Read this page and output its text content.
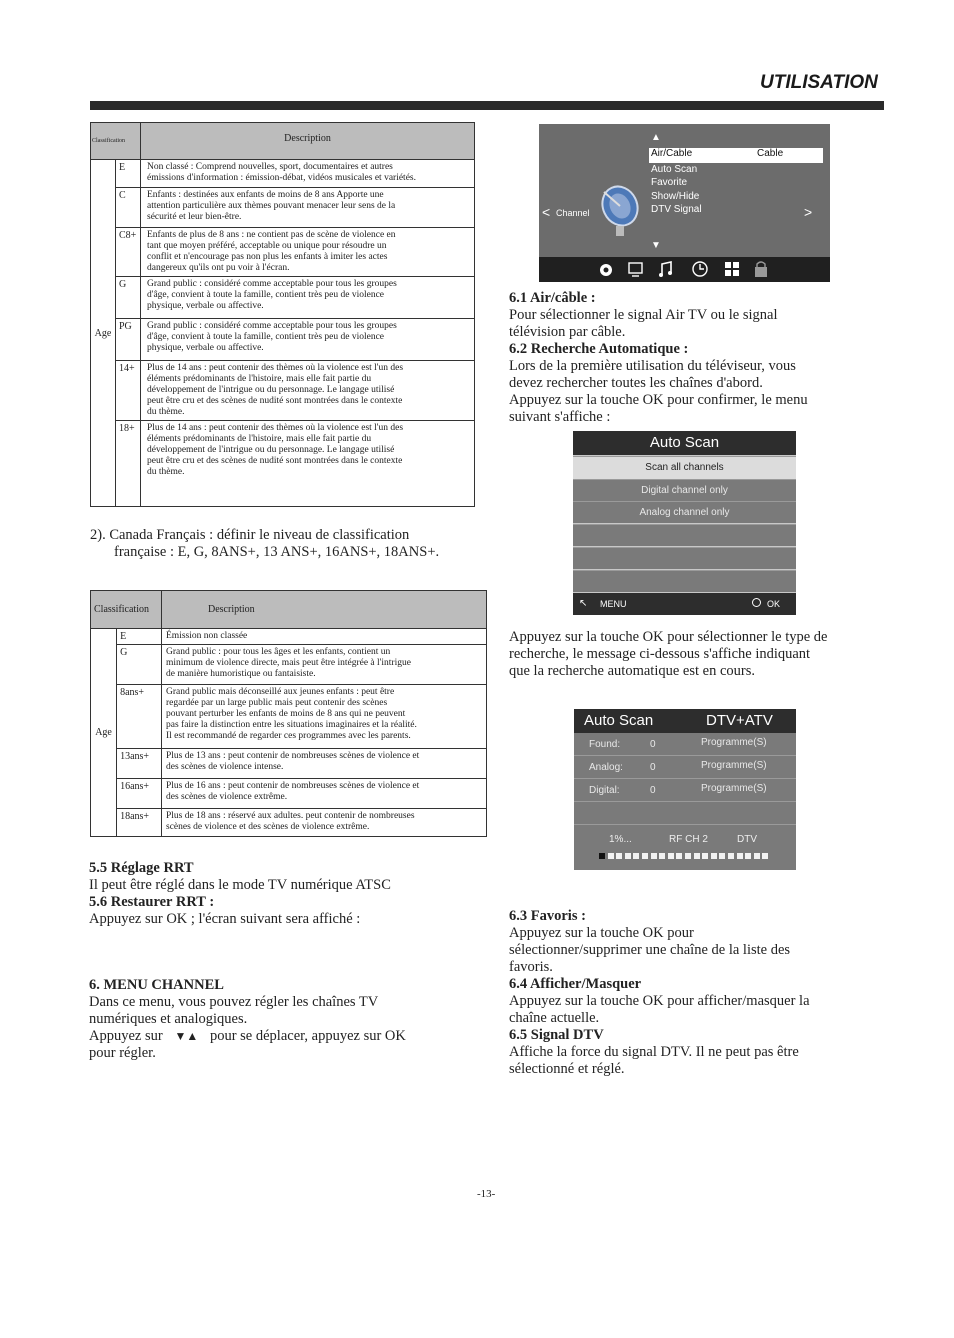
UTILISATION
Classification		Description
Age	E	Non classé : Comprend nouvelles, sport, documentaires et autres
émissions d'information : émission-débat, vidéos musicales et variétés.

	C	Enfants : destinées aux enfants de moins de 8 ans Apporte une
attention particulière aux thèmes pouvant menacer leur sens de la
sécurité et leur bien-être.

	C8+	Enfants de plus de 8 ans : ne contient pas de scène de violence en
tant que moyen préféré, acceptable ou unique pour résoudre un
conflit et n'encourage pas non plus les enfants à imiter les actes
dangereux qu'ils ont pu voir à l'écran.

	G	Grand public : considéré comme acceptable pour tous les groupes
d'âge, convient à toute la famille, contient très peu de violence
physique, verbale ou affective.

	PG	Grand public : considéré comme acceptable pour tous les groupes
d'âge, convient à toute la famille, contient très peu de violence
physique, verbale ou affective.

	14+	Plus de 14 ans : peut contenir des thèmes où la violence est l'un des
éléments prédominants de l'histoire, mais elle fait partie du
développement de l'intrigue ou du personnage. Le langage utilisé
peut être cru et des scènes de nudité sont montrées dans le contexte
du thème.

	18+	Plus de 14 ans : peut contenir des thèmes où la violence est l'un des
éléments prédominants de l'histoire, mais elle fait partie du
développement de l'intrigue ou du personnage. Le langage utilisé
peut être cru et des scènes de nudité sont montrées dans le contexte
du thème.
2). Canada Français : définir le niveau de classification
française : E, G, 8ANS+, 13 ANS+, 16ANS+, 18ANS+.
Classification		Description
Age	E	Émission non classée

	G	Grand public : pour tous les âges et les enfants, contient un
minimum de violence directe, mais peut être intégrée à l'intrigue
de manière humoristique ou fantaisiste.

	8ans+	Grand public mais déconseillé aux jeunes enfants : peut être
regardée par un large public mais peut contenir des scènes
pouvant perturber les enfants de moins de 8 ans qui ne peuvent
pas faire la distinction entre les situations imaginaires et la réalité.
Il est recommandé de regarder ces programmes avec les parents.

	13ans+	Plus de 13 ans : peut contenir de nombreuses scènes de violence et
des scènes de violence intense.

	16ans+	Plus de 16 ans : peut contenir de nombreuses scènes de violence et
des scènes de violence extrême.

	18ans+	Plus de 18 ans : réservé aux adultes. peut contenir de nombreuses
scènes de violence et des scènes de violence extrême.
5.5 Réglage RRT
Il peut être réglé dans le mode TV numérique ATSC
5.6 Restaurer RRT :
Appuyez sur OK ; l'écran suivant sera affiché :
6. MENU CHANNEL
Dans ce menu, vous pouvez régler les chaînes TV
numériques et analogiques.
Appuyez sur ▼▲ pour se déplacer, appuyez sur OK
pour régler.
▲
Air/Cable	Cable
Auto Scan
Favorite
Show/Hide
DTV Signal
< Channel	>
▼
6.1 Air/câble :
Pour sélectionner le signal Air TV ou le signal
télévision par câble.
6.2 Recherche Automatique :
Lors de la première utilisation du téléviseur, vous
devez rechercher toutes les chaînes d'abord.
Appuyez sur la touche OK pour confirmer, le menu
suivant s'affiche :
Auto Scan
Scan all channels
Digital channel only
Analog channel only
↖ MENU	OK
Appuyez sur la touche OK pour sélectionner le type de
recherche, le message ci-dessous s'affiche indiquant
que la recherche automatique est en cours.
Auto Scan	DTV+ATV
Found:	0	Programme(S)
Analog:	0	Programme(S)
Digital:	0	Programme(S)
1%...	RF CH 2	DTV
6.3 Favoris :
Appuyez sur la touche OK pour
sélectionner/supprimer une chaîne de la liste des
favoris.
6.4 Afficher/Masquer
Appuyez sur la touche OK pour afficher/masquer la
chaîne actuelle.
6.5 Signal DTV
Affiche la force du signal DTV. Il ne peut pas être
sélectionné et réglé.
-13-
